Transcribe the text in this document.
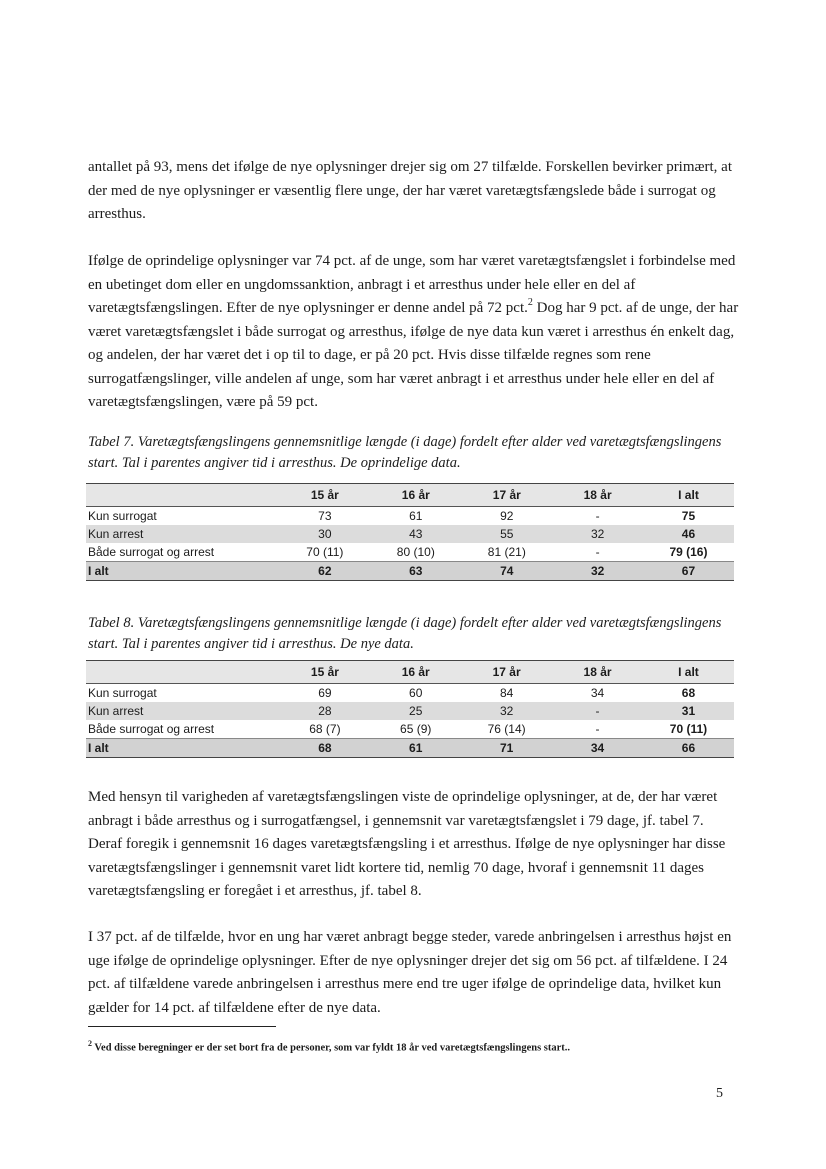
antallet på 93, mens det ifølge de nye oplysninger drejer sig om 27 tilfælde. Forskellen bevirker primært, at der med de nye oplysninger er væsentlig flere unge, der har været varetægtsfængslede både i surrogat og arresthus.

Ifølge de oprindelige oplysninger var 74 pct. af de unge, som har været varetægtsfængslet i forbindelse med en ubetinget dom eller en ungdomssanktion, anbragt i et arresthus under hele eller en del af varetægtsfængslingen. Efter de nye oplysninger er denne andel på 72 pct.$^2$ Dog har 9 pct. af de unge, der har været varetægtsfængslet i både surrogat og arresthus, ifølge de nye data kun været i arresthus én enkelt dag, og andelen, der har været det i op til to dage, er på 20 pct. Hvis disse tilfælde regnes som rene surrogatfængslinger, ville andelen af unge, som har været anbragt i et arresthus under hele eller en del af varetægtsfængslingen, være på 59 pct.

Tabel 7. Varetægtsfængslingens gennemsnitlige længde (i dage) fordelt efter alder ved varetægtsfængslingens start. Tal i parentes angiver tid i arresthus. De oprindelige data.

	15 år	16 år	17 år	18 år	I alt
Kun surrogat	73	61	92	-	75
Kun arrest	30	43	55	32	46
Både surrogat og arrest	70 (11)	80 (10)	81 (21)	-	79 (16)
I alt	62	63	74	32	67

Tabel 8. Varetægtsfængslingens gennemsnitlige længde (i dage) fordelt efter alder ved varetægtsfængslingens start. Tal i parentes angiver tid i arresthus. De nye data.

	15 år	16 år	17 år	18 år	I alt
Kun surrogat	69	60	84	34	68
Kun arrest	28	25	32	-	31
Både surrogat og arrest	68 (7)	65 (9)	76 (14)	-	70 (11)
I alt	68	61	71	34	66

Med hensyn til varigheden af varetægtsfængslingen viste de oprindelige oplysninger, at de, der har været anbragt i både arresthus og i surrogatfængsel, i gennemsnit var varetægtsfængslet i 79 dage, jf. tabel 7. Deraf foregik i gennemsnit 16 dages varetægtsfængsling i et arresthus. Ifølge de nye oplysninger har disse varetægtsfængslinger i gennemsnit varet lidt kortere tid, nemlig 70 dage, hvoraf i gennemsnit 11 dages varetægtsfængsling er foregået i et arresthus, jf. tabel 8.

I 37 pct. af de tilfælde, hvor en ung har været anbragt begge steder, varede anbringelsen i arresthus højst en uge ifølge de oprindelige oplysninger. Efter de nye oplysninger drejer det sig om 56 pct. af tilfældene. I 24 pct. af tilfældene varede anbringelsen i arresthus mere end tre uger ifølge de oprindelige data, hvilket kun gælder for 14 pct. af tilfældene efter de nye data.

$^2$ Ved disse beregninger er der set bort fra de personer, som var fyldt 18 år ved varetægtsfængslingens start..

5
